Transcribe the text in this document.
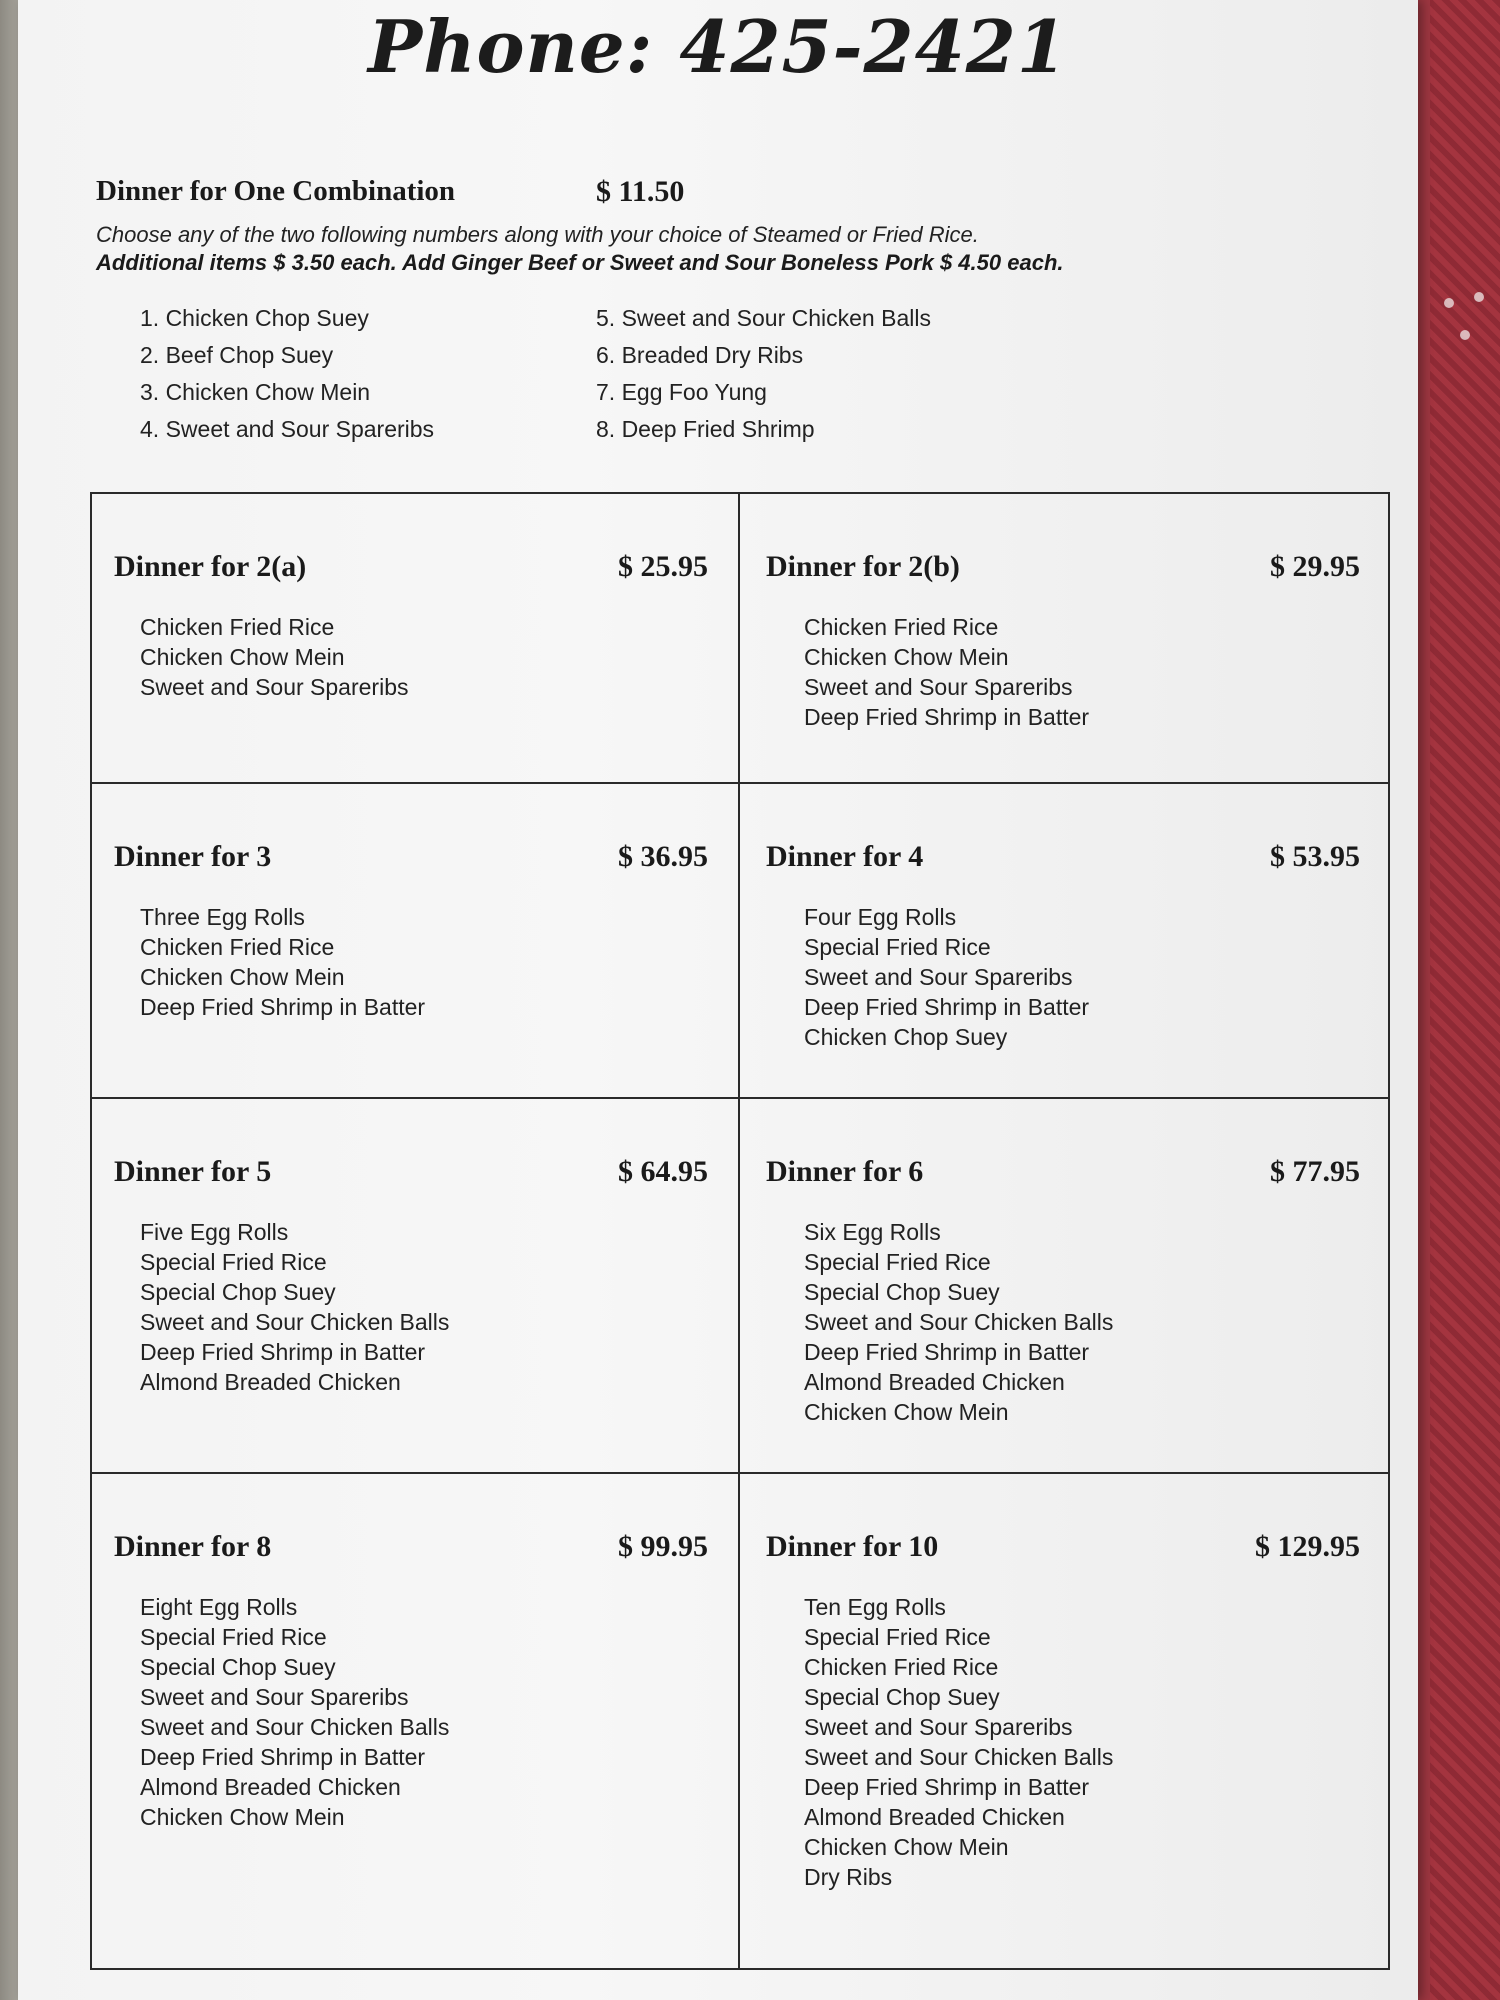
Phone: 425-2421
Dinner for One Combination	$ 11.50

Choose any of the two following numbers along with your choice of Steamed or Fried Rice.

Additional items $ 3.50 each. Add Ginger Beef or Sweet and Sour Boneless Pork $ 4.50 each.

1. Chicken Chop Suey
2. Beef Chop Suey
3. Chicken Chow Mein
4. Sweet and Sour Spareribs
5. Sweet and Sour Chicken Balls
6. Breaded Dry Ribs
7. Egg Foo Yung
8. Deep Fried Shrimp
Dinner for 2(a)	$ 25.95
Chicken Fried Rice
Chicken Chow Mein
Sweet and Sour Spareribs
Dinner for 2(b)	$ 29.95
Chicken Fried Rice
Chicken Chow Mein
Sweet and Sour Spareribs
Deep Fried Shrimp in Batter
Dinner for 3	$ 36.95
Three Egg Rolls
Chicken Fried Rice
Chicken Chow Mein
Deep Fried Shrimp in Batter
Dinner for 4	$ 53.95
Four Egg Rolls
Special Fried Rice
Sweet and Sour Spareribs
Deep Fried Shrimp in Batter
Chicken Chop Suey
Dinner for 5	$ 64.95
Five Egg Rolls
Special Fried Rice
Special Chop Suey
Sweet and Sour Chicken Balls
Deep Fried Shrimp in Batter
Almond Breaded Chicken
Dinner for 6	$ 77.95
Six Egg Rolls
Special Fried Rice
Special Chop Suey
Sweet and Sour Chicken Balls
Deep Fried Shrimp in Batter
Almond Breaded Chicken
Chicken Chow Mein
Dinner for 8	$ 99.95
Eight Egg Rolls
Special Fried Rice
Special Chop Suey
Sweet and Sour Spareribs
Sweet and Sour Chicken Balls
Deep Fried Shrimp in Batter
Almond Breaded Chicken
Chicken Chow Mein
Dinner for 10	$ 129.95
Ten Egg Rolls
Special Fried Rice
Chicken Fried Rice
Special Chop Suey
Sweet and Sour Spareribs
Sweet and Sour Chicken Balls
Deep Fried Shrimp in Batter
Almond Breaded Chicken
Chicken Chow Mein
Dry Ribs
